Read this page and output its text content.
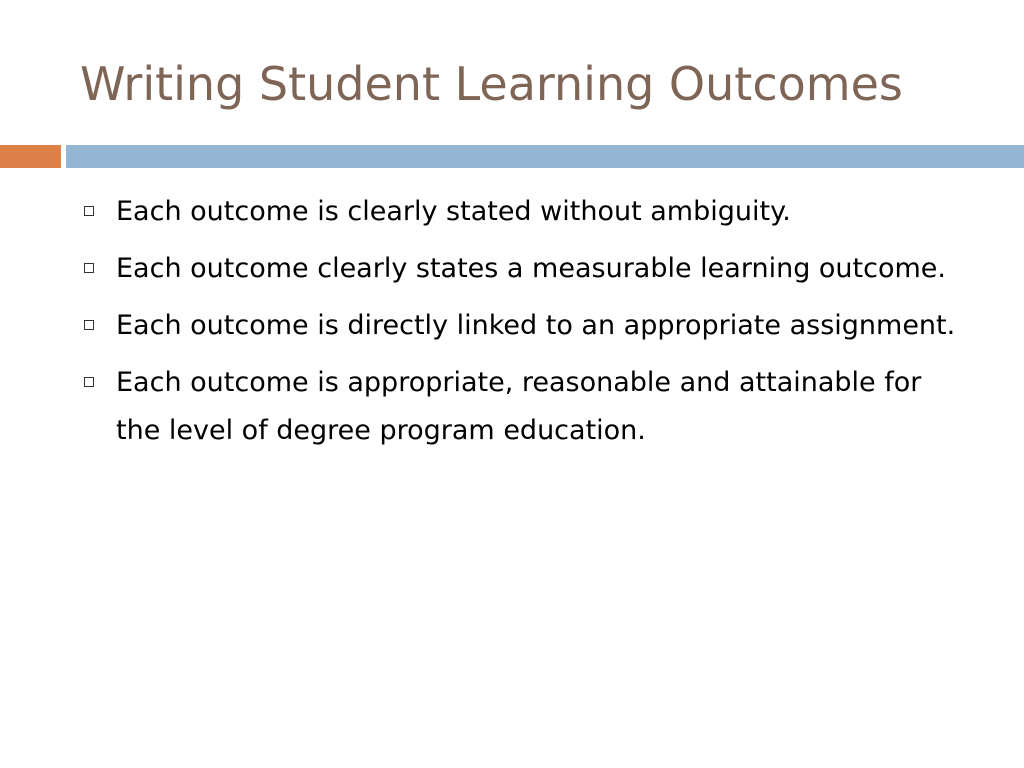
Writing Student Learning Outcomes
Each outcome is clearly stated without ambiguity.
Each outcome clearly states a measurable learning outcome.
Each outcome is directly linked to an appropriate assignment.
Each outcome is appropriate, reasonable and attainable for the level of degree program education.
